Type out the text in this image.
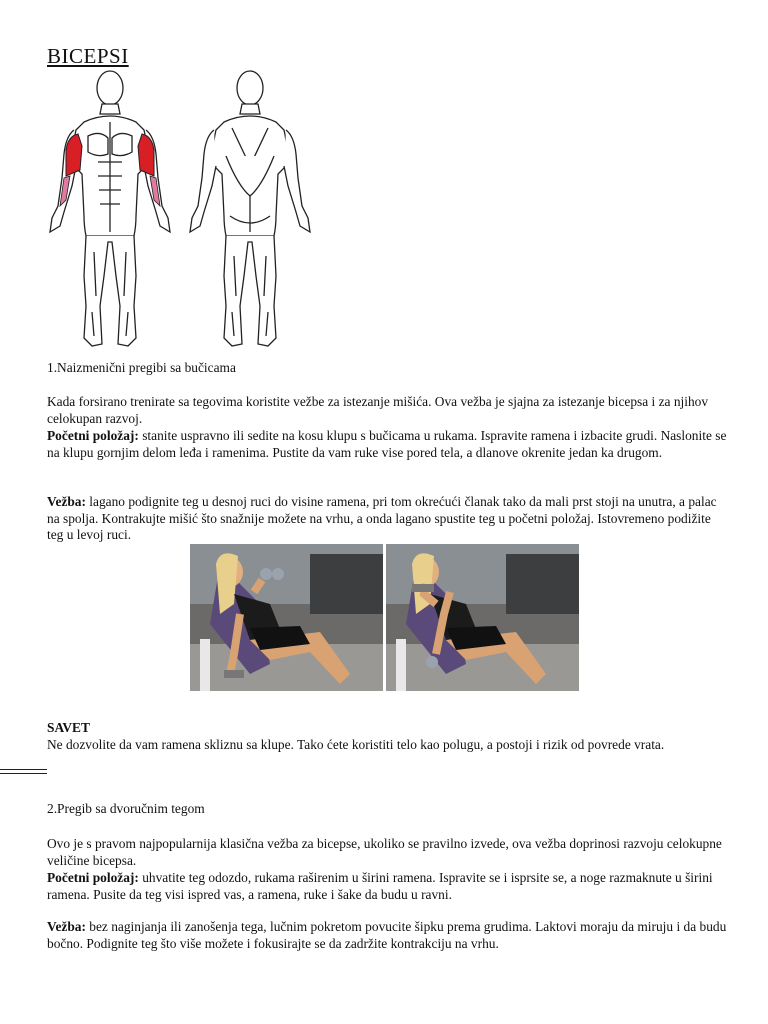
BICEPSI

1.Naizmenični pregibi sa bučicama

Kada forsirano trenirate sa tegovima koristite vežbe za istezanje mišića. Ova vežba je sjajna za istezanje bicepsa i za njihov celokupan razvoj.

Početni položaj: stanite uspravno ili sedite na kosu klupu s bučicama u rukama. Ispravite ramena i izbacite grudi. Naslonite se na klupu gornjim delom leđa i ramenima. Pustite da vam ruke vise pored tela, a dlanove okrenite jedan ka drugom.

Vežba: lagano podignite teg u desnoj ruci do visine ramena, pri tom okrećući članak tako da mali prst stoji na unutra, a palac na spolja. Kontrakujte mišić što snažnije možete na vrhu, a onda lagano spustite teg u početni položaj. Istovremeno podižite teg u levoj ruci.

SAVET

Ne dozvolite da vam ramena skliznu sa klupe. Tako ćete koristiti telo kao polugu, a postoji i rizik od povrede vrata.

2.Pregib sa dvoručnim tegom

Ovo je s pravom najpopularnija klasična vežba za bicepse, ukoliko se pravilno izvede, ova vežba doprinosi razvoju celokupne veličine bicepsa.

Početni položaj: uhvatite teg odozdo, rukama raširenim u širini ramena. Ispravite se i isprsite se, a noge razmaknute u širini ramena. Pusite da teg visi ispred vas, a ramena, ruke i šake da budu u ravni.

Vežba: bez naginjanja ili zanošenja tega, lučnim pokretom povucite šipku prema grudima. Laktovi moraju da miruju i da budu bočno. Podignite teg što više možete i fokusirajte se da zadržite kontrakciju na vrhu.
